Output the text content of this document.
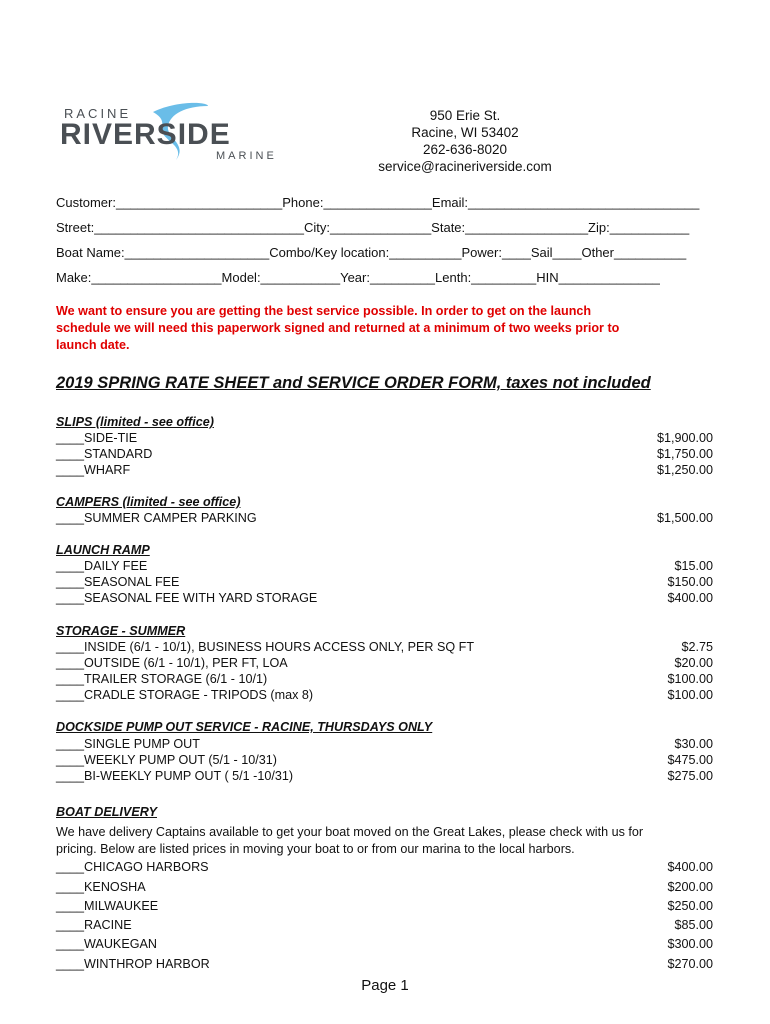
RACINE
RIVERSIDE
MARINE
950 Erie St.
Racine, WI 53402
262-636-8020
service@racineriverside.com
Customer:_______________________Phone:_______________Email:________________________________
Street:_____________________________City:______________State:_________________Zip:___________
Boat Name:____________________Combo/Key location:__________Power:____Sail____Other__________
Make:__________________Model:___________Year:_________Lenth:_________HIN______________
We want to ensure you are getting the best service possible. In order to get on the launch schedule we will need this paperwork signed and returned at a minimum of two weeks prior to launch date.
2019 SPRING RATE SHEET and SERVICE ORDER FORM, taxes not included
SLIPS (limited - see office)
____SIDE-TIE	$1,900.00
____STANDARD	$1,750.00
____WHARF	$1,250.00
CAMPERS (limited - see office)
____SUMMER CAMPER PARKING	$1,500.00
LAUNCH RAMP
____DAILY FEE	$15.00
____SEASONAL FEE	$150.00
____SEASONAL FEE WITH YARD STORAGE	$400.00
STORAGE - SUMMER
____INSIDE (6/1 - 10/1), BUSINESS HOURS ACCESS ONLY, PER SQ FT	$2.75
____OUTSIDE (6/1 - 10/1), PER FT, LOA	$20.00
____TRAILER STORAGE (6/1 - 10/1)	$100.00
____CRADLE STORAGE - TRIPODS (max 8)	$100.00
DOCKSIDE PUMP OUT SERVICE - RACINE, THURSDAYS ONLY
____SINGLE PUMP OUT	$30.00
____WEEKLY PUMP OUT (5/1 - 10/31)	$475.00
____BI-WEEKLY PUMP OUT ( 5/1 -10/31)	$275.00
BOAT DELIVERY
We have delivery Captains available to get your boat moved on the Great Lakes, please check with us for pricing. Below are listed prices in moving your boat to or from our marina to the local harbors.
____CHICAGO HARBORS	$400.00
____KENOSHA	$200.00
____MILWAUKEE	$250.00
____RACINE	$85.00
____WAUKEGAN	$300.00
____WINTHROP HARBOR	$270.00
Page 1
